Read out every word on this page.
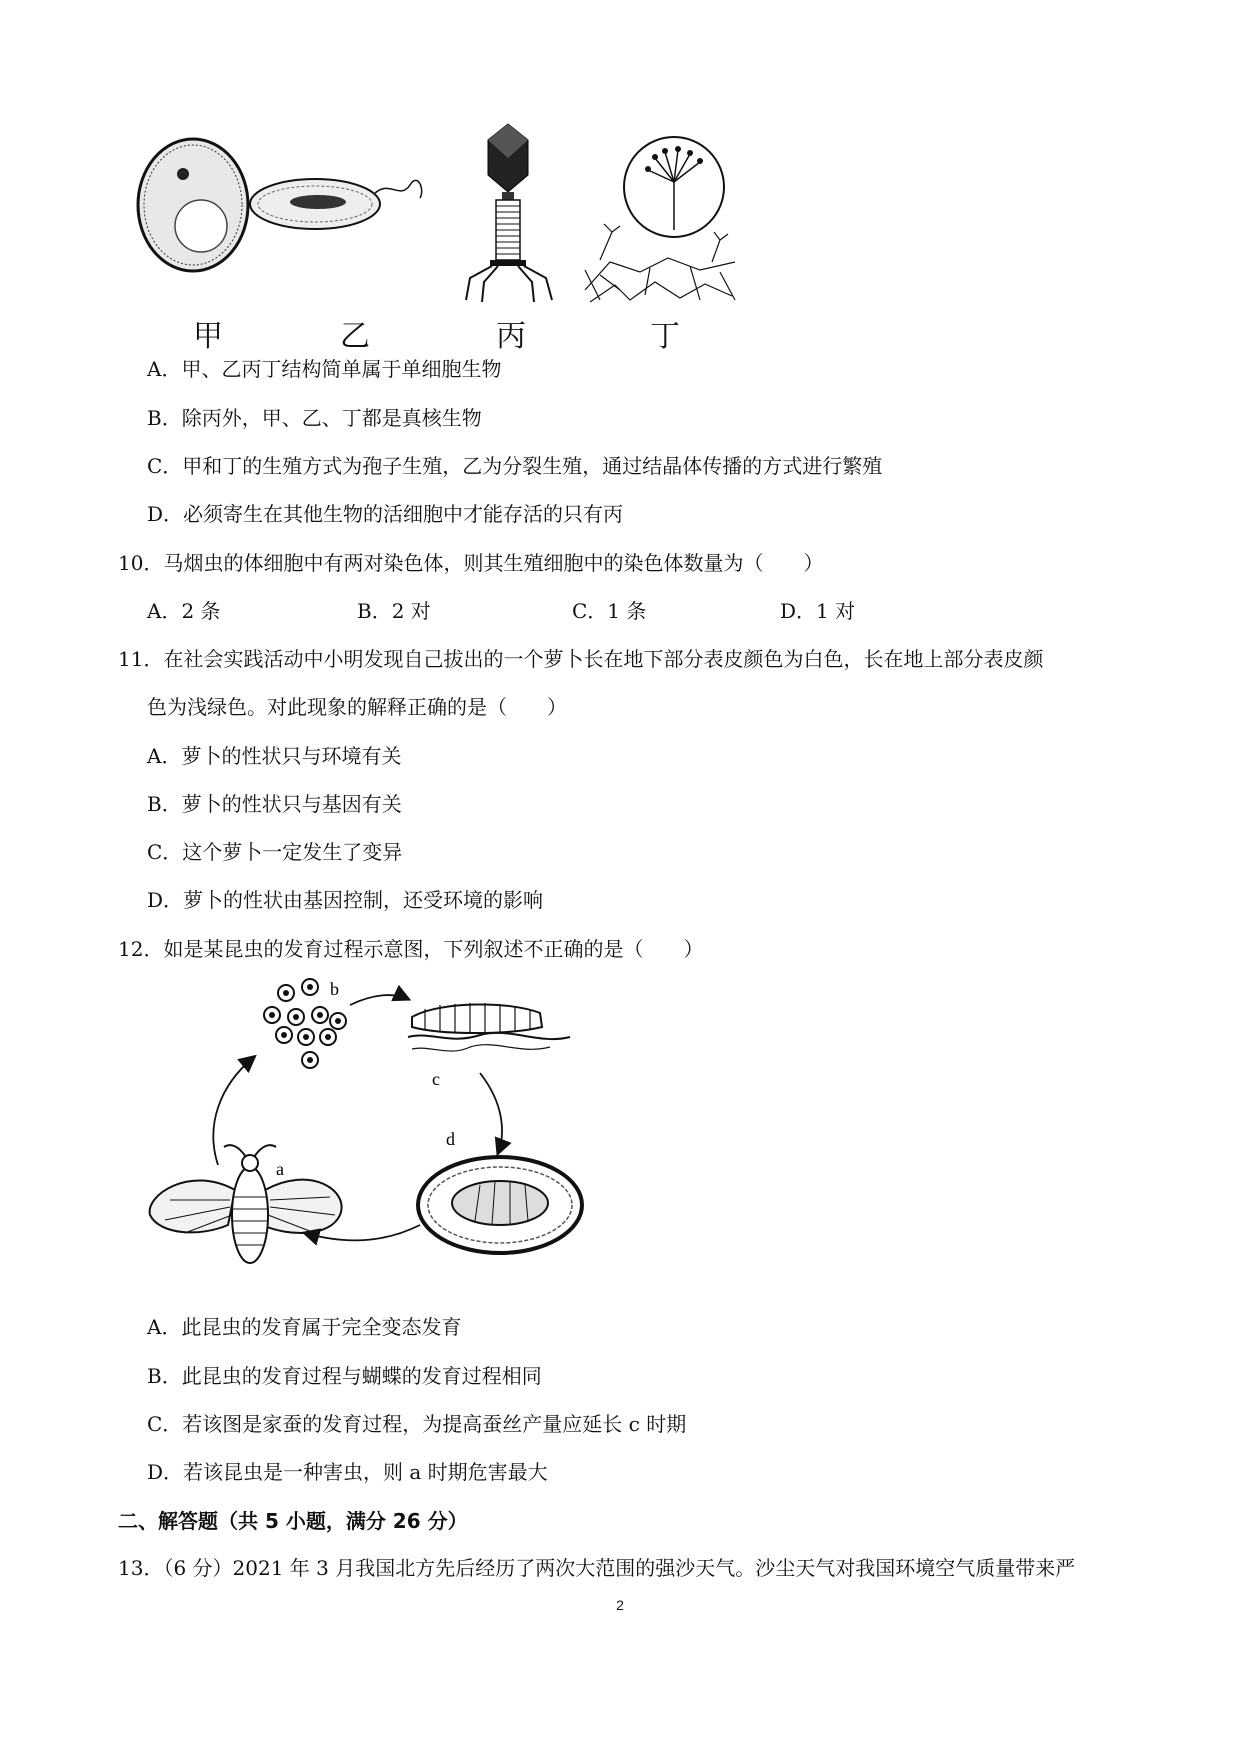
甲	乙	丙	丁
A．甲、乙丙丁结构简单属于单细胞生物
B．除丙外，甲、乙、丁都是真核生物
C．甲和丁的生殖方式为孢子生殖，乙为分裂生殖，通过结晶体传播的方式进行繁殖
D．必须寄生在其他生物的活细胞中才能存活的只有丙
10．马烟虫的体细胞中有两对染色体，则其生殖细胞中的染色体数量为（　　）
A．2 条	B．2 对	C．1 条	D．1 对
11．在社会实践活动中小明发现自己拔出的一个萝卜长在地下部分表皮颜色为白色，长在地上部分表皮颜
色为浅绿色。对此现象的解释正确的是（　　）
A．萝卜的性状只与环境有关
B．萝卜的性状只与基因有关
C．这个萝卜一定发生了变异
D．萝卜的性状由基因控制，还受环境的影响
12．如是某昆虫的发育过程示意图，下列叙述不正确的是（　　）
b
c
d
a
A．此昆虫的发育属于完全变态发育
B．此昆虫的发育过程与蝴蝶的发育过程相同
C．若该图是家蚕的发育过程，为提高蚕丝产量应延长 c 时期
D．若该昆虫是一种害虫，则 a 时期危害最大
二、解答题（共 5 小题，满分 26 分）
13．（6 分）2021 年 3 月我国北方先后经历了两次大范围的强沙天气。沙尘天气对我国环境空气质量带来严
2
